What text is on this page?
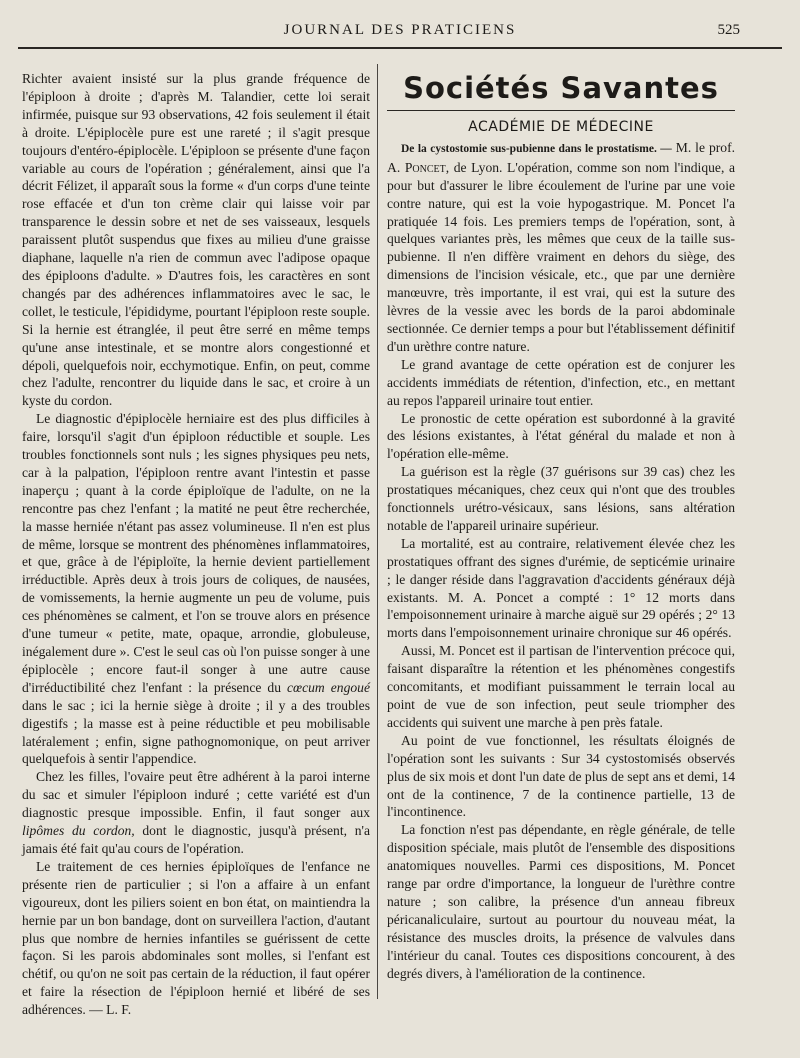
JOURNAL DES PRATICIENS	525

Richter avaient insisté sur la plus grande fréquence de l'épiploon à droite ; d'après M. Talandier, cette loi serait infirmée, puisque sur 93 observations, 42 fois seulement il était à droite. L'épiplocèle pure est une rareté ; il s'agit presque toujours d'entéro-épiplocèle. L'épiploon se présente d'une façon variable au cours de l'opération ; généralement, ainsi que l'a décrit Félizet, il apparaît sous la forme « d'un corps d'une teinte rose effacée et d'un ton crème clair qui laisse voir par transparence le dessin sobre et net de ses vaisseaux, lesquels paraissent plutôt suspendus que fixes au milieu d'une graisse diaphane, laquelle n'a rien de commun avec l'adipose opaque des épiploons d'adulte. » D'autres fois, les caractères en sont changés par des adhérences inflammatoires avec le sac, le collet, le testicule, l'épididyme, pourtant l'épiploon reste souple. Si la hernie est étranglée, il peut être serré en même temps qu'une anse intestinale, et se montre alors congestionné et dépoli, quelquefois noir, ecchymotique. Enfin, on peut, comme chez l'adulte, rencontrer du liquide dans le sac, et croire à un kyste du cordon.

Le diagnostic d'épiplocèle herniaire est des plus difficiles à faire, lorsqu'il s'agit d'un épiploon réductible et souple. Les troubles fonctionnels sont nuls ; les signes physiques peu nets, car à la palpation, l'épiploon rentre avant l'intestin et passe inaperçu ; quant à la corde épiploïque de l'adulte, on ne la rencontre pas chez l'enfant ; la matité ne peut être recherchée, la masse herniée n'étant pas assez volumineuse. Il n'en est plus de même, lorsque se montrent des phénomènes inflammatoires, et que, grâce à de l'épiploïte, la hernie devient partiellement irréductible. Après deux à trois jours de coliques, de nausées, de vomissements, la hernie augmente un peu de volume, puis ces phénomènes se calment, et l'on se trouve alors en présence d'une tumeur « petite, mate, opaque, arrondie, globuleuse, inégalement dure ». C'est le seul cas où l'on puisse songer à une épiplocèle ; encore faut-il songer à une autre cause d'irréductibilité chez l'enfant : la présence du cœcum engoué dans le sac ; ici la hernie siège à droite ; il y a des troubles digestifs ; la masse est à peine réductible et peu mobilisable latéralement ; enfin, signe pathognomonique, on peut arriver quelquefois à sentir l'appendice.

Chez les filles, l'ovaire peut être adhérent à la paroi interne du sac et simuler l'épiploon induré ; cette variété est d'un diagnostic presque impossible. Enfin, il faut songer aux lipômes du cordon, dont le diagnostic, jusqu'à présent, n'a jamais été fait qu'au cours de l'opération.

Le traitement de ces hernies épiploïques de l'enfance ne présente rien de particulier ; si l'on a affaire à un enfant vigoureux, dont les piliers soient en bon état, on maintiendra la hernie par un bon bandage, dont on surveillera l'action, d'autant plus que nombre de hernies infantiles se guérissent de cette façon. Si les parois abdominales sont molles, si l'enfant est chétif, ou qu'on ne soit pas certain de la réduction, il faut opérer et faire la résection de l'épiploon hernié et libéré de ses adhérences. — L. F.

Sociétés Savantes
ACADÉMIE DE MÉDECINE

De la cystostomie sus-pubienne dans le prostatisme. — M. le prof. A. Poncet, de Lyon. L'opération, comme son nom l'indique, a pour but d'assurer le libre écoulement de l'urine par une voie contre nature, qui est la voie hypogastrique. M. Poncet l'a pratiquée 14 fois. Les premiers temps de l'opération, sont, à quelques variantes près, les mêmes que ceux de la taille sus-pubienne. Il n'en diffère vraiment en dehors du siège, des dimensions de l'incision vésicale, etc., que par une dernière manœuvre, très importante, il est vrai, qui est la suture des lèvres de la vessie avec les bords de la paroi abdominale sectionnée. Ce dernier temps a pour but l'établissement définitif d'un urèthre contre nature.

Le grand avantage de cette opération est de conjurer les accidents immédiats de rétention, d'infection, etc., en mettant au repos l'appareil urinaire tout entier.

Le pronostic de cette opération est subordonné à la gravité des lésions existantes, à l'état général du malade et non à l'opération elle-même.

La guérison est la règle (37 guérisons sur 39 cas) chez les prostatiques mécaniques, chez ceux qui n'ont que des troubles fonctionnels urétro-vésicaux, sans lésions, sans altération notable de l'appareil urinaire supérieur.

La mortalité, est au contraire, relativement élevée chez les prostatiques offrant des signes d'urémie, de septicémie urinaire ; le danger réside dans l'aggravation d'accidents généraux déjà existants. M. A. Poncet a compté : 1° 12 morts dans l'empoisonnement urinaire à marche aiguë sur 29 opérés ; 2° 13 morts dans l'empoisonnement urinaire chronique sur 46 opérés.

Aussi, M. Poncet est il partisan de l'intervention précoce qui, faisant disparaître la rétention et les phénomènes congestifs concomitants, et modifiant puissamment le terrain local au point de vue de son infection, peut seule triompher des accidents qui suivent une marche à pen près fatale.

Au point de vue fonctionnel, les résultats éloignés de l'opération sont les suivants : Sur 34 cystostomisés observés plus de six mois et dont l'un date de plus de sept ans et demi, 14 ont de la continence, 7 de la continence partielle, 13 de l'incontinence.

La fonction n'est pas dépendante, en règle générale, de telle disposition spéciale, mais plutôt de l'ensemble des dispositions anatomiques nouvelles. Parmi ces dispositions, M. Poncet range par ordre d'importance, la longueur de l'urèthre contre nature ; son calibre, la présence d'un anneau fibreux péricanaliculaire, surtout au pourtour du nouveau méat, la résistance des muscles droits, la présence de valvules dans l'intérieur du canal. Toutes ces dispositions concourent, à des degrés divers, à l'amélioration de la continence.
